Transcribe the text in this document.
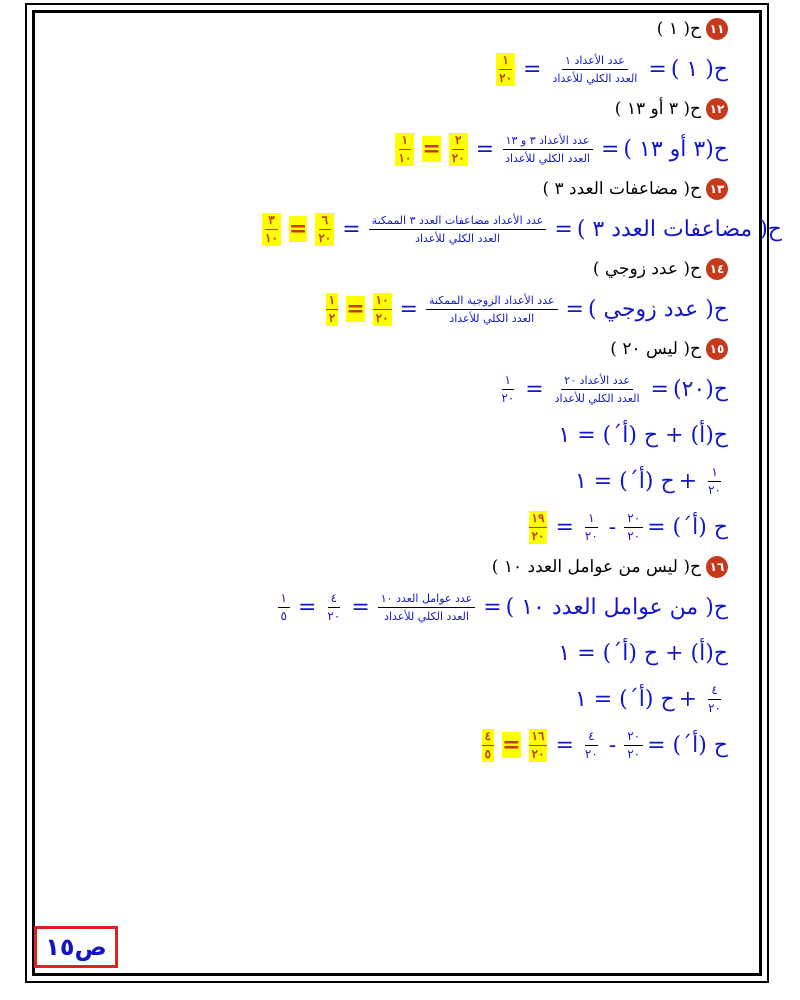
١١
ح( ١ )
ح( ١ )
=
$\frac{\text{عدد الأعداد ١}}{\text{العدد الكلي للأعداد}}$
=
$\frac{١}{٢٠}$
١٢
ح( ٣ أو ١٣ )
ح(٣ أو ١٣ )
=
$\frac{\text{عدد الأعداد ٣ و ١٣}}{\text{العدد الكلي للأعداد}}$
=
$\frac{٢}{٢٠}$
=
$\frac{١}{١٠}$
١٣
ح( مضاعفات العدد ٣ )
ح( مضاعفات العدد ٣ )
=
$\frac{\text{عدد الأعداد مضاعفات العدد ٣ الممكنة}}{\text{العدد الكلي للأعداد}}$
=
$\frac{٦}{٢٠}$
=
$\frac{٣}{١٠}$
١٤
ح( عدد زوجي )
ح( عدد زوجي )
=
$\frac{\text{عدد الأعداد الزوجية الممكنة}}{\text{العدد الكلي للأعداد}}$
=
$\frac{١٠}{٢٠}$
=
$\frac{١}{٢}$
١٥
ح( ليس ٢٠ )
ح(٢٠)
=
$\frac{\text{عدد الأعداد ٢٠}}{\text{العدد الكلي للأعداد}}$
=
$\frac{١}{٢٠}$
ح(أ) + ح (أ´) = ١
$\frac{١}{٢٠}$
+
ح (أ´) = ١
ح (أ´) =
$\frac{٢٠}{٢٠}$
-
$\frac{١}{٢٠}$
=
$\frac{١٩}{٢٠}$
١٦
ح( ليس من عوامل العدد ١٠ )
ح( من عوامل العدد ١٠ )
=
$\frac{\text{عدد عوامل العدد ١٠}}{\text{العدد الكلي للأعداد}}$
=
$\frac{٤}{٢٠}$
=
$\frac{١}{٥}$
ح(أ) + ح (أ´) = ١
$\frac{٤}{٢٠}$
+
ح (أ´) = ١
ح (أ´) =
$\frac{٢٠}{٢٠}$
-
$\frac{٤}{٢٠}$
=
$\frac{١٦}{٢٠}$
=
$\frac{٤}{٥}$
ص١٥
